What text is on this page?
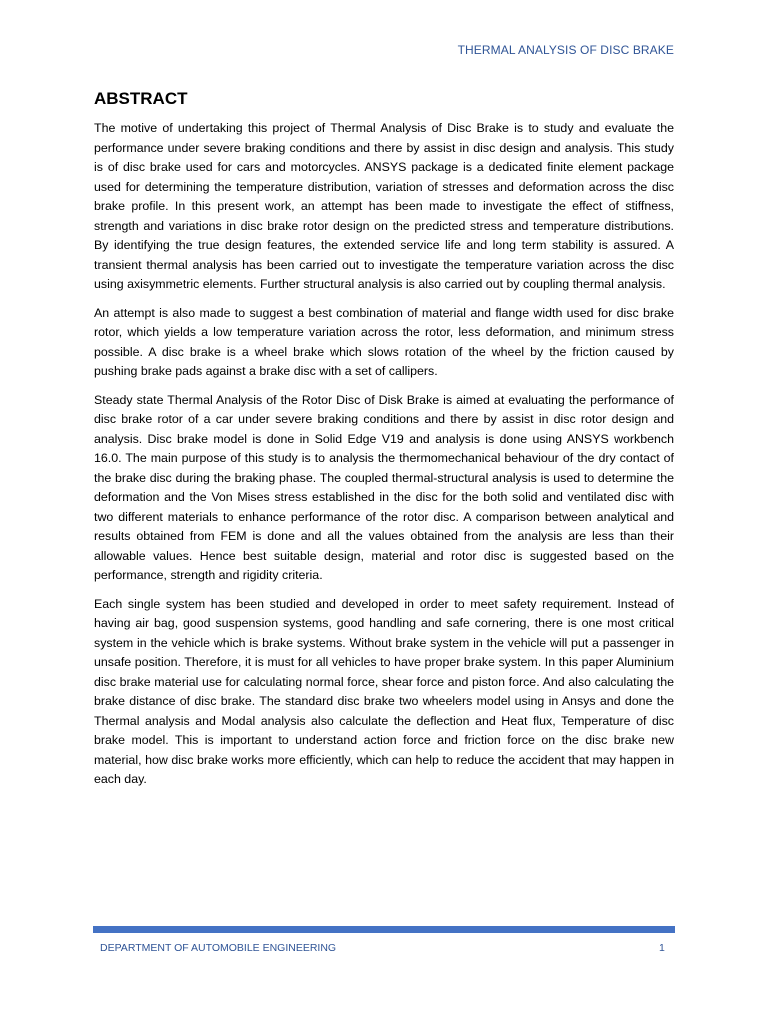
THERMAL ANALYSIS OF DISC BRAKE
ABSTRACT

The motive of undertaking this project of Thermal Analysis of Disc Brake is to study and evaluate the performance under severe braking conditions and there by assist in disc design and analysis. This study is of disc brake used for cars and motorcycles. ANSYS package is a dedicated finite element package used for determining the temperature distribution, variation of stresses and deformation across the disc brake profile. In this present work, an attempt has been made to investigate the effect of stiffness, strength and variations in disc brake rotor design on the predicted stress and temperature distributions. By identifying the true design features, the extended service life and long term stability is assured. A transient thermal analysis has been carried out to investigate the temperature variation across the disc using axisymmetric elements. Further structural analysis is also carried out by coupling thermal analysis.

An attempt is also made to suggest a best combination of material and flange width used for disc brake rotor, which yields a low temperature variation across the rotor, less deformation, and minimum stress possible. A disc brake is a wheel brake which slows rotation of the wheel by the friction caused by pushing brake pads against a brake disc with a set of callipers.

Steady state Thermal Analysis of the Rotor Disc of Disk Brake is aimed at evaluating the performance of disc brake rotor of a car under severe braking conditions and there by assist in disc rotor design and analysis. Disc brake model is done in Solid Edge V19 and analysis is done using ANSYS workbench 16.0. The main purpose of this study is to analysis the thermomechanical behaviour of the dry contact of the brake disc during the braking phase. The coupled thermal-structural analysis is used to determine the deformation and the Von Mises stress established in the disc for the both solid and ventilated disc with two different materials to enhance performance of the rotor disc. A comparison between analytical and results obtained from FEM is done and all the values obtained from the analysis are less than their allowable values. Hence best suitable design, material and rotor disc is suggested based on the performance, strength and rigidity criteria.

Each single system has been studied and developed in order to meet safety requirement. Instead of having air bag, good suspension systems, good handling and safe cornering, there is one most critical system in the vehicle which is brake systems. Without brake system in the vehicle will put a passenger in unsafe position. Therefore, it is must for all vehicles to have proper brake system. In this paper Aluminium disc brake material use for calculating normal force, shear force and piston force. And also calculating the brake distance of disc brake. The standard disc brake two wheelers model using in Ansys and done the Thermal analysis and Modal analysis also calculate the deflection and Heat flux, Temperature of disc brake model. This is important to understand action force and friction force on the disc brake new material, how disc brake works more efficiently, which can help to reduce the accident that may happen in each day.

DEPARTMENT OF AUTOMOBILE ENGINEERING	1
